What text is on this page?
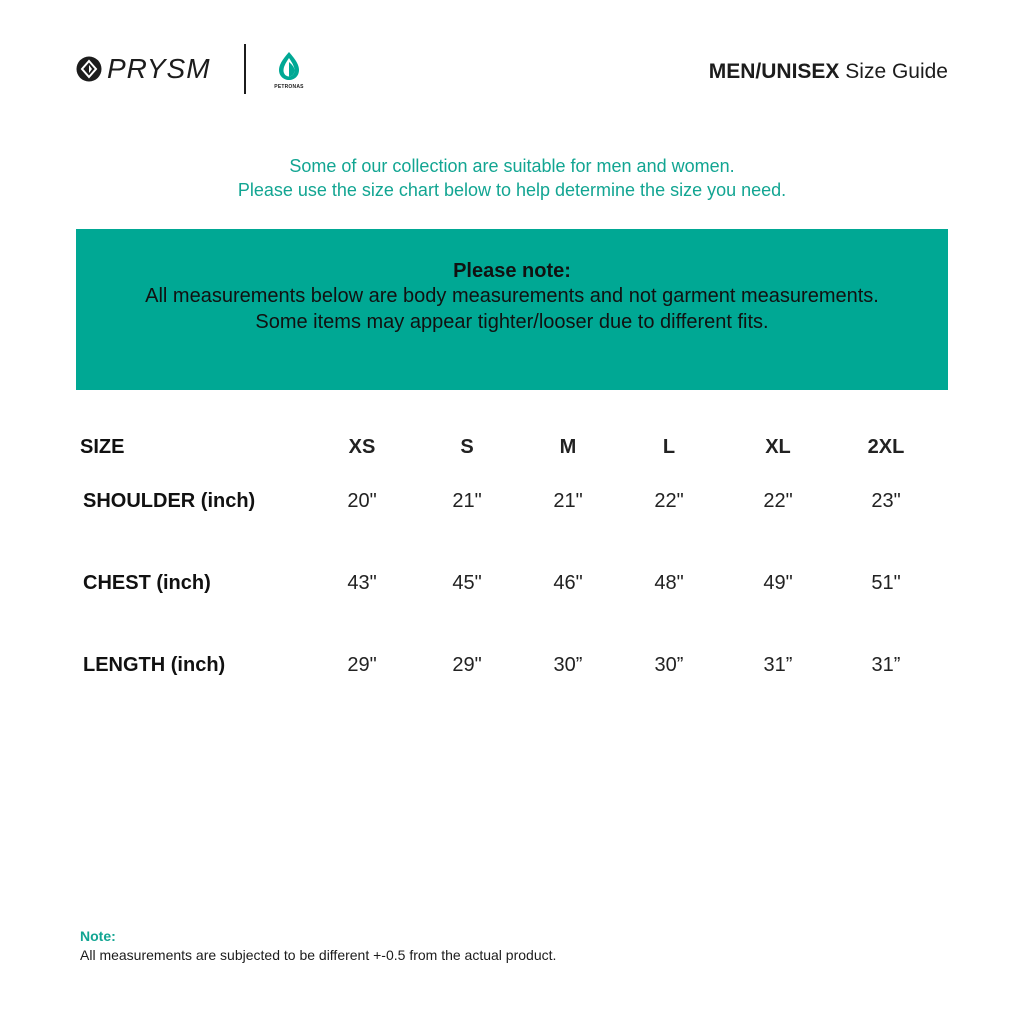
PRYSM
PETRONAS
MEN/UNISEX Size Guide
Some of our collection are suitable for men and women.
Please use the size chart below to help determine the size you need.
Please note:
All measurements below are body measurements and not garment measurements. Some items may appear tighter/looser due to different fits.
SIZE	XS	S	M	L	XL	2XL
SHOULDER (inch)	20"	21"	21"	22"	22"	23"
CHEST (inch)	43"	45"	46"	48"	49"	51"
LENGTH (inch)	29"	29"	30”	30”	31”	31”
Note:
All measurements are subjected to be different +-0.5 from the actual product.
